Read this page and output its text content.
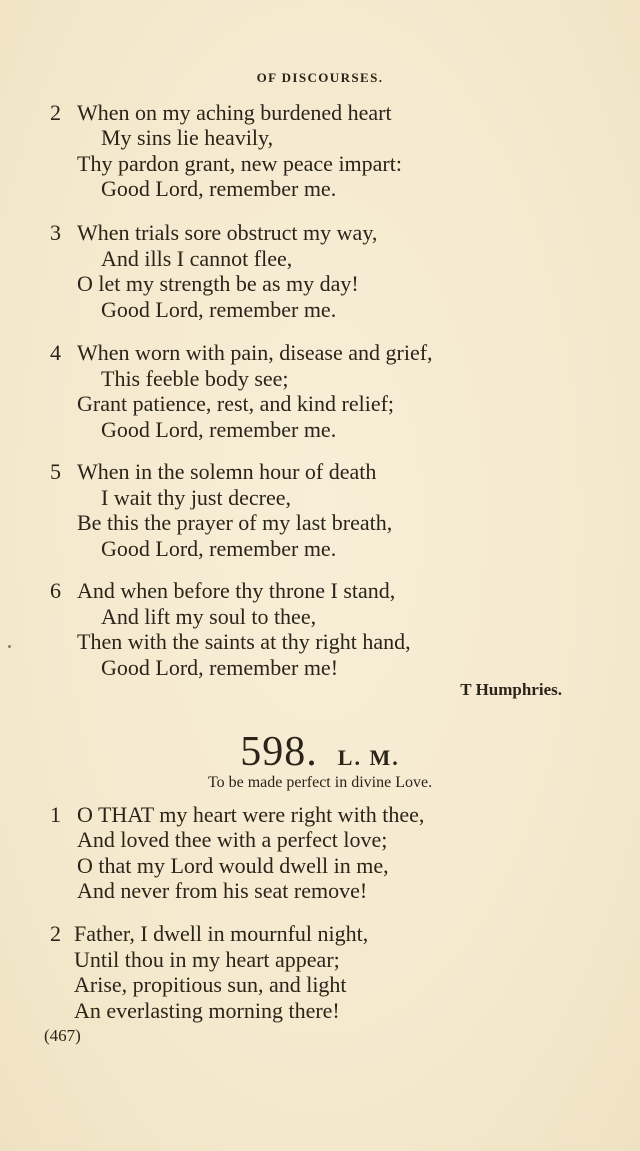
OF DISCOURSES.
2 When on my aching burdened heart
My sins lie heavily,
Thy pardon grant, new peace impart:
Good Lord, remember me.
3 When trials sore obstruct my way,
And ills I cannot flee,
O let my strength be as my day!
Good Lord, remember me.
4 When worn with pain, disease and grief,
This feeble body see;
Grant patience, rest, and kind relief;
Good Lord, remember me.
5 When in the solemn hour of death
I wait thy just decree,
Be this the prayer of my last breath,
Good Lord, remember me.
6 And when before thy throne I stand,
And lift my soul to thee,
Then with the saints at thy right hand,
Good Lord, remember me!
T Humphries.
598. L. M.
To be made perfect in divine Love.
1 O THAT my heart were right with thee,
And loved thee with a perfect love;
O that my Lord would dwell in me,
And never from his seat remove!
2 Father, I dwell in mournful night,
Until thou in my heart appear;
Arise, propitious sun, and light
An everlasting morning there!
(467)
